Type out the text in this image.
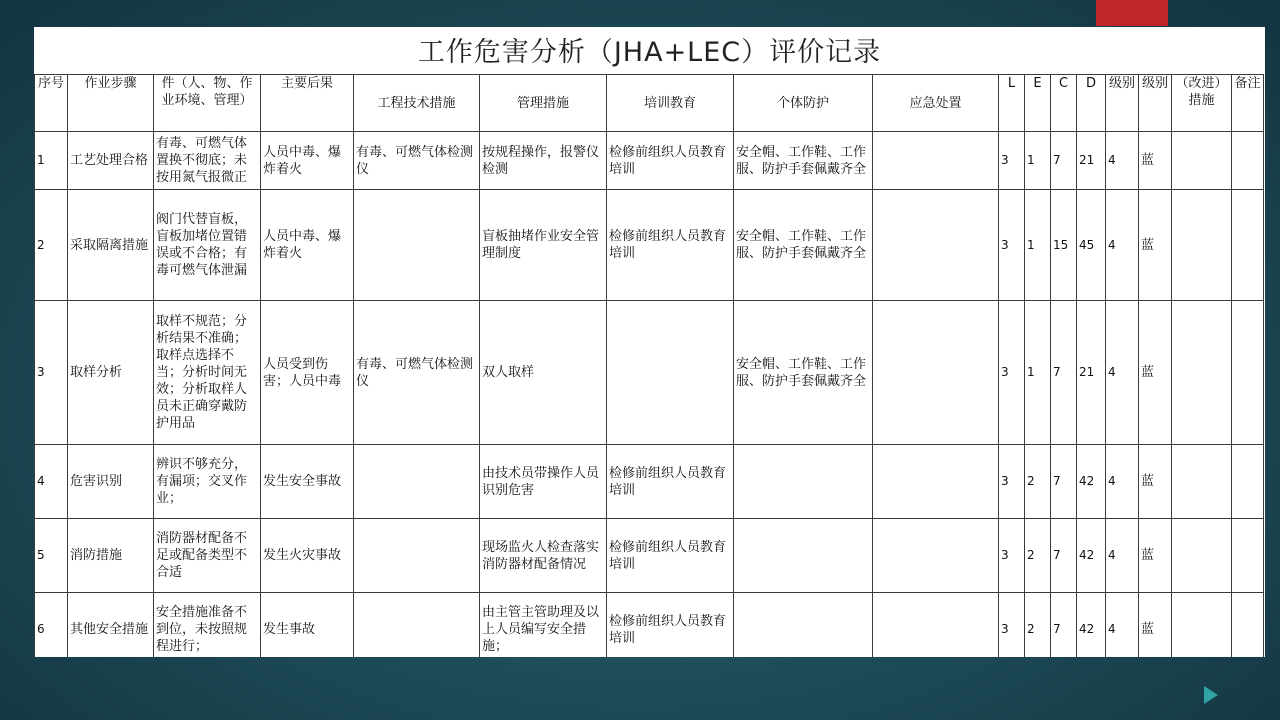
工作危害分析（JHA+LEC）评价记录
序号	作业步骤	件（人、物、作业环境、管理）	主要后果	工程技术措施	管理措施	培训教育	个体防护	应急处置	L	E	C	D	级别	级别	（改进）措施	备注
1	工艺处理合格	有毒、可燃气体置换不彻底；未按用氮气报微正	人员中毒、爆炸着火	有毒、可燃气体检测仪	按规程操作，报警仪检测	检修前组织人员教育培训	安全帽、工作鞋、工作服、防护手套佩戴齐全		3	1	7	21	4	蓝		
2	采取隔离措施	阀门代替盲板，盲板加堵位置错误或不合格；有毒可燃气体泄漏	人员中毒、爆炸着火		盲板抽堵作业安全管理制度	检修前组织人员教育培训	安全帽、工作鞋、工作服、防护手套佩戴齐全		3	1	15	45	4	蓝		
3	取样分析	取样不规范；分析结果不准确；取样点选择不当；分析时间无效；分析取样人员未正确穿戴防护用品	人员受到伤害；人员中毒	有毒、可燃气体检测仪	双人取样		安全帽、工作鞋、工作服、防护手套佩戴齐全		3	1	7	21	4	蓝		
4	危害识别	辨识不够充分，有漏项；交叉作业；	发生安全事故		由技术员带操作人员识别危害	检修前组织人员教育培训			3	2	7	42	4	蓝		
5	消防措施	消防器材配备不足或配备类型不合适	发生火灾事故		现场监火人检查落实消防器材配备情况	检修前组织人员教育培训			3	2	7	42	4	蓝		
6	其他安全措施	安全措施准备不到位，未按照规程进行；	发生事故		由主管主管助理及以上人员编写安全措施；	检修前组织人员教育培训			3	2	7	42	4	蓝		
